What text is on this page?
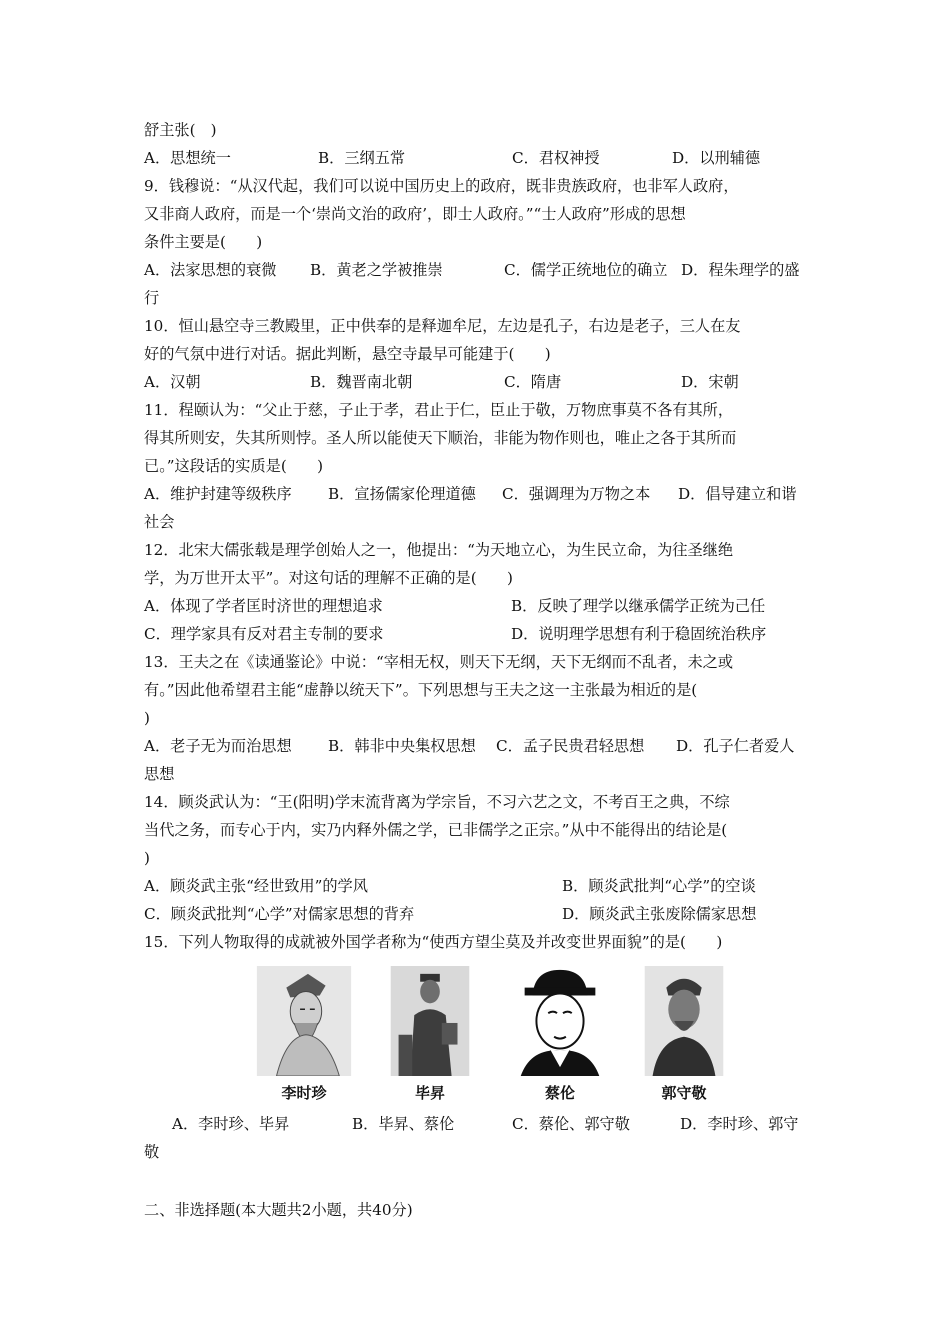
舒主张(　)
A．思想统一	B．三纲五常	C．君权神授	D．以刑辅德
9．钱穆说：“从汉代起，我们可以说中国历史上的政府，既非贵族政府，也非军人政府，
又非商人政府，而是一个‘崇尚文治的政府’，即士人政府。”“士人政府”形成的思想
条件主要是(　　)
A．法家思想的衰微	B．黄老之学被推崇	C．儒学正统地位的确立 D．程朱理学的盛
行
10．恒山悬空寺三教殿里，正中供奉的是释迦牟尼，左边是孔子，右边是老子，三人在友
好的气氛中进行对话。据此判断，悬空寺最早可能建于(　　)
A．汉朝	B．魏晋南北朝	C．隋唐	D．宋朝
11．程颐认为：“父止于慈，子止于孝，君止于仁，臣止于敬，万物庶事莫不各有其所，
得其所则安，失其所则悖。圣人所以能使天下顺治，非能为物作则也，唯止之各于其所而
已。”这段话的实质是(　　)
A．维护封建等级秩序	B．宣扬儒家伦理道德	C．强调理为万物之本	D．倡导建立和谐
社会
12．北宋大儒张载是理学创始人之一，他提出：“为天地立心，为生民立命，为往圣继绝
学，为万世开太平”。对这句话的理解不正确的是(　　)
A．体现了学者匡时济世的理想追求	B．反映了理学以继承儒学正统为己任
C．理学家具有反对君主专制的要求	D．说明理学思想有利于稳固统治秩序
13．王夫之在《读通鉴论》中说：“宰相无权，则天下无纲，天下无纲而不乱者，未之或
有。”因此他希望君主能“虚静以统天下”。下列思想与王夫之这一主张最为相近的是(
)
A．老子无为而治思想	B．韩非中央集权思想	C．孟子民贵君轻思想	D．孔子仁者爱人
思想
14．顾炎武认为：“王(阳明)学末流背离为学宗旨，不习六艺之文，不考百王之典，不综
当代之务，而专心于内，实乃内释外儒之学，已非儒学之正宗。”从中不能得出的结论是(
)
A．顾炎武主张“经世致用”的学风	B．顾炎武批判“心学”的空谈
C．顾炎武批判“心学”对儒家思想的背弃	D．顾炎武主张废除儒家思想
15．下列人物取得的成就被外国学者称为“使西方望尘莫及并改变世界面貌”的是(　　)
李时珍	毕昇	蔡伦	郭守敬
A．李时珍、毕昇	B．毕昇、蔡伦	C．蔡伦、郭守敬	D．李时珍、郭守
敬
二、非选择题(本大题共2小题，共40分)
